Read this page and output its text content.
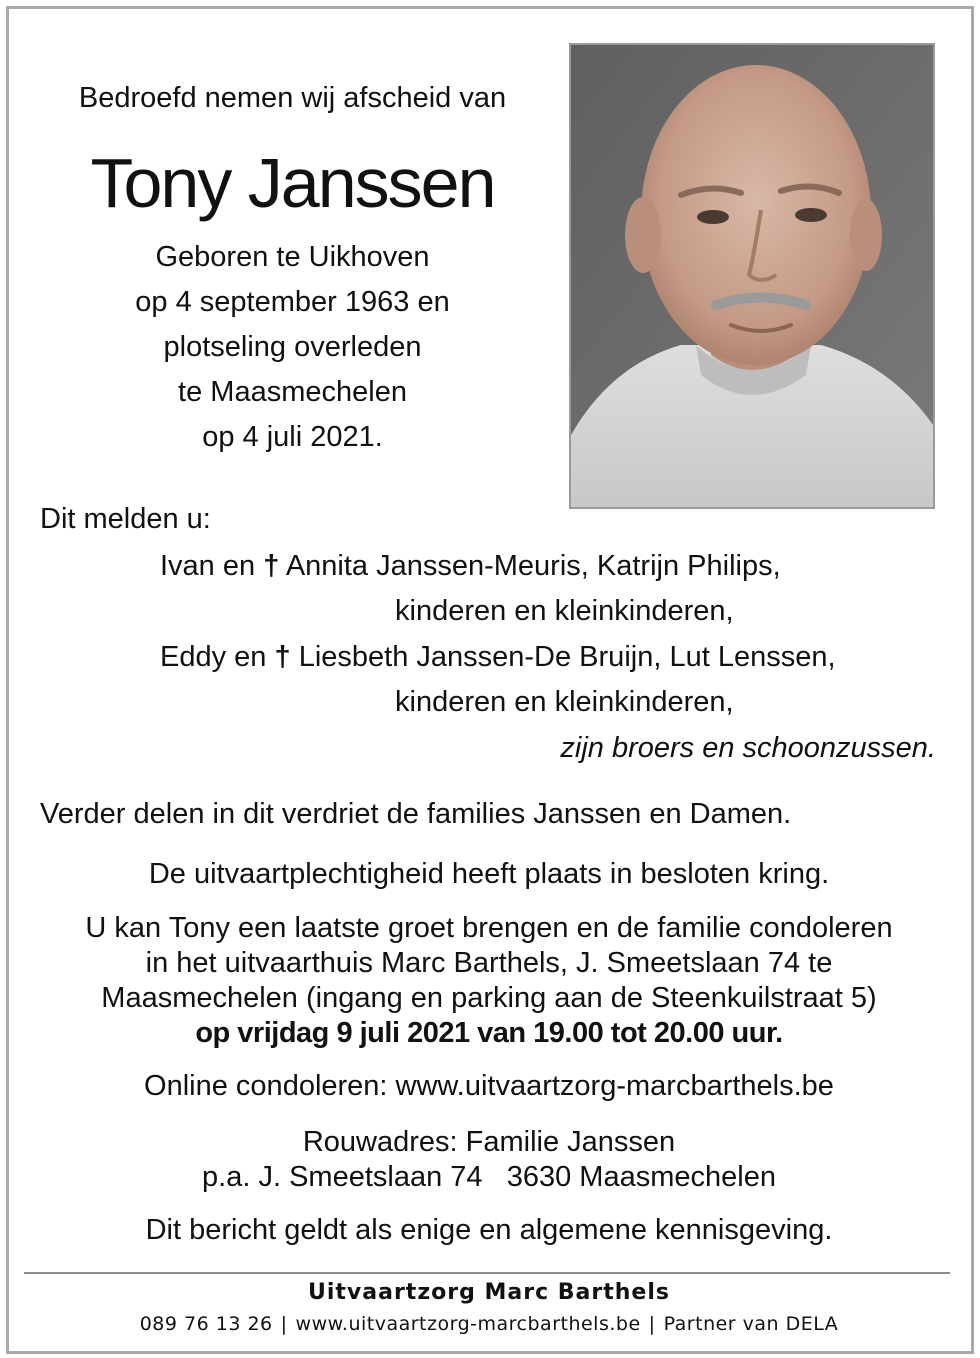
Bedroefd nemen wij afscheid van
Tony Janssen
Geboren te Uikhoven
op 4 september 1963 en
plotseling overleden
te Maasmechelen
op 4 juli 2021.
Dit melden u:
Ivan en † Annita Janssen-Meuris, Katrijn Philips,
kinderen en kleinkinderen,
Eddy en † Liesbeth Janssen-De Bruijn, Lut Lenssen,
kinderen en kleinkinderen,
zijn broers en schoonzussen.
Verder delen in dit verdriet de families Janssen en Damen.
De uitvaartplechtigheid heeft plaats in besloten kring.
U kan Tony een laatste groet brengen en de familie condoleren
in het uitvaarthuis Marc Barthels, J. Smeetslaan 74 te
Maasmechelen (ingang en parking aan de Steenkuilstraat 5)
op vrijdag 9 juli 2021 van 19.00 tot 20.00 uur.
Online condoleren: www.uitvaartzorg-marcbarthels.be
Rouwadres: Familie Janssen
p.a. J. Smeetslaan 74 3630 Maasmechelen
Dit bericht geldt als enige en algemene kennisgeving.
Uitvaartzorg Marc Barthels
089 76 13 26 | www.uitvaartzorg-marcbarthels.be | Partner van DELA
